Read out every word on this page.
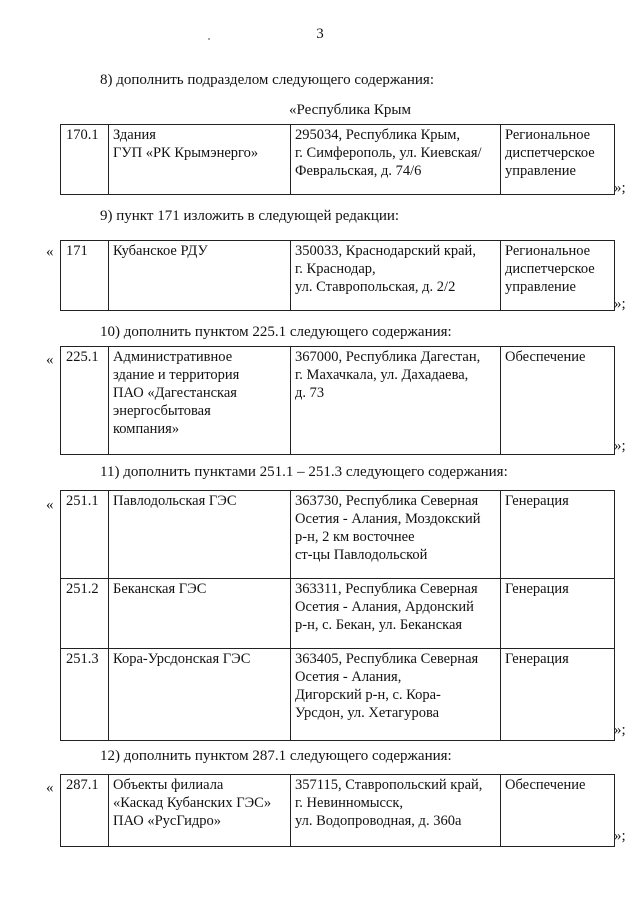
3
8) дополнить подразделом следующего содержания:
«Республика Крым
170.1	Здания
ГУП «РК Крымэнерго»	295034, Республика Крым,
г. Симферополь, ул. Киевская/
Февральская, д. 74/6	Региональное
диспетчерское
управление
»;
9) пункт 171 изложить в следующей редакции:
« 171	Кубанское РДУ	350033, Краснодарский край,
г. Краснодар,
ул. Ставропольская, д. 2/2	Региональное
диспетчерское
управление
»;
10) дополнить пунктом 225.1 следующего содержания:
« 225.1	Административное
здание и территория
ПАО «Дагестанская
энергосбытовая
компания»	367000, Республика Дагестан,
г. Махачкала, ул. Дахадаева,
д. 73	Обеспечение
»;
11) дополнить пунктами 251.1 – 251.3 следующего содержания:
« 251.1	Павлодольская ГЭС	363730, Республика Северная
Осетия - Алания, Моздокский
р-н, 2 км восточнее
ст-цы Павлодольской	Генерация
251.2	Беканская ГЭС	363311, Республика Северная
Осетия - Алания, Ардонский
р-н, с. Бекан, ул. Беканская	Генерация
251.3	Кора-Урсдонская ГЭС	363405, Республика Северная
Осетия - Алания,
Дигорский р-н, с. Кора-
Урсдон, ул. Хетагурова	Генерация
»;
12) дополнить пунктом 287.1 следующего содержания:
« 287.1	Объекты филиала
«Каскад Кубанских ГЭС»
ПАО «РусГидро»	357115, Ставропольский край,
г. Невинномысск,
ул. Водопроводная, д. 360а	Обеспечение
»;
